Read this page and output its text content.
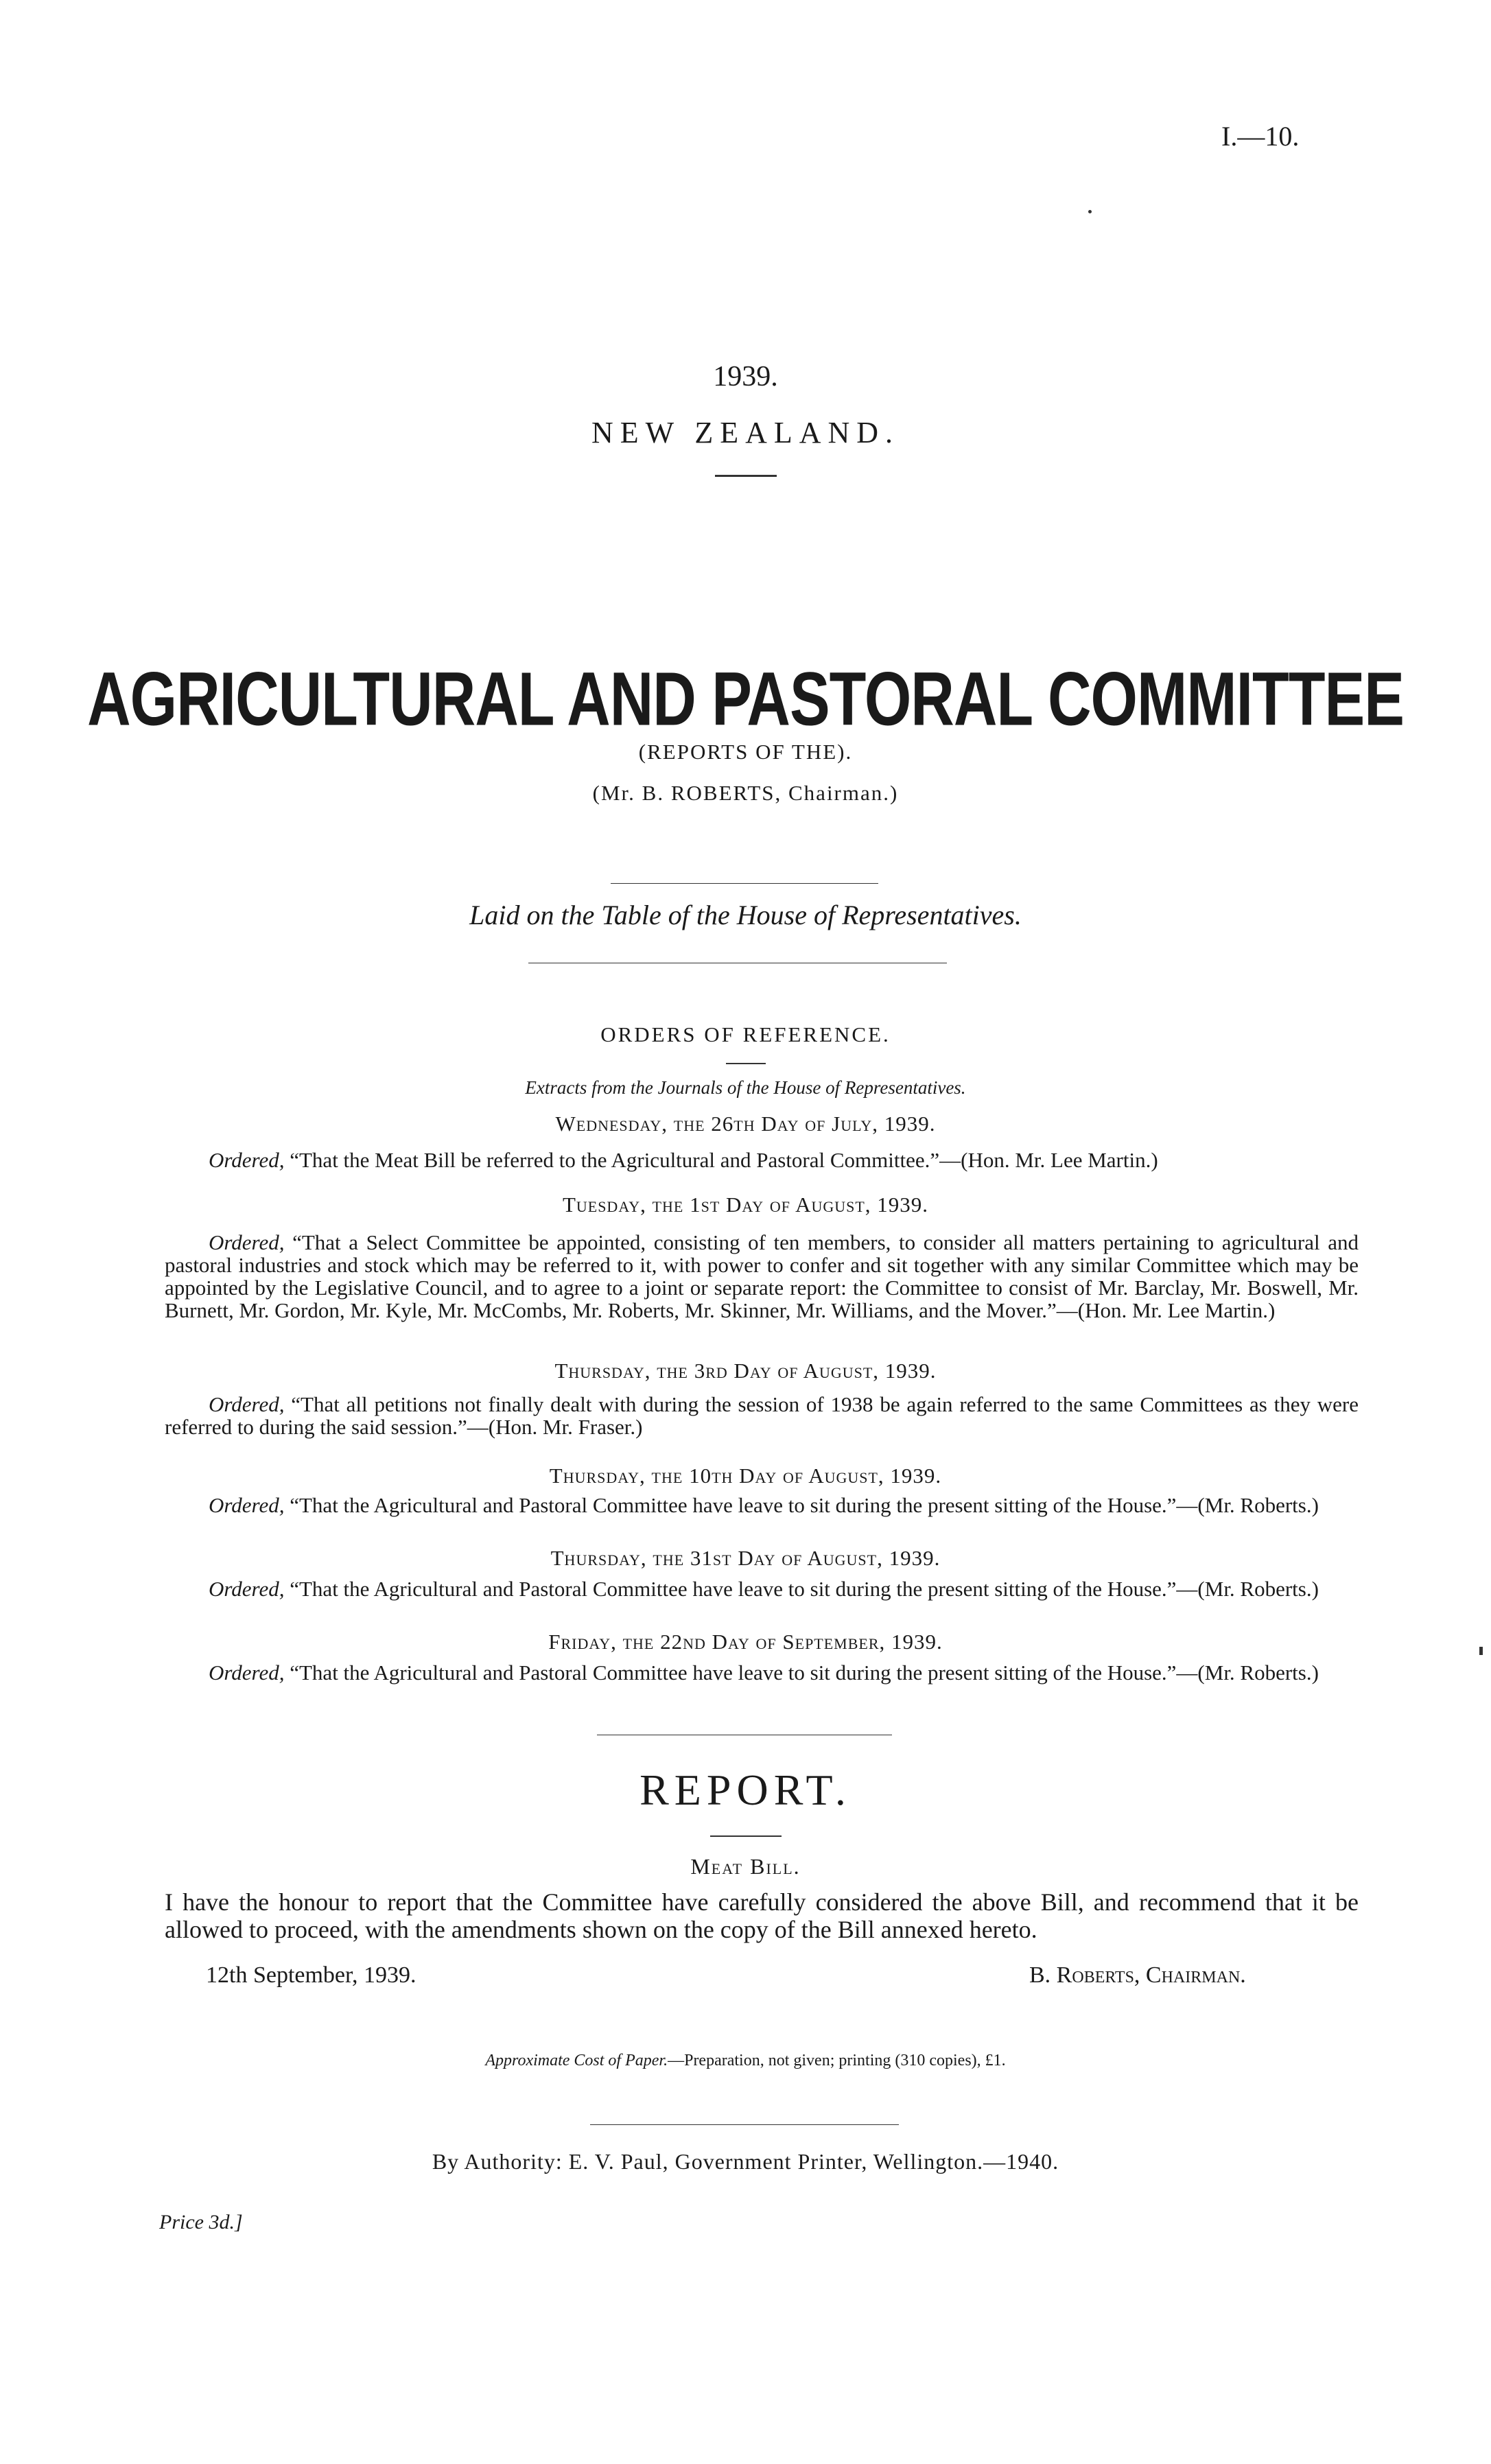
I.—10.
1939.
NEW ZEALAND.
AGRICULTURAL AND PASTORAL COMMITTEE
(REPORTS OF THE).
(Mr. B. ROBERTS, Chairman.)
Laid on the Table of the House of Representatives.
ORDERS OF REFERENCE.
Extracts from the Journals of the House of Representatives.
Wednesday, the 26th Day of July, 1939.
Ordered, “That the Meat Bill be referred to the Agricultural and Pastoral Committee.”—(Hon. Mr. Lee Martin.)
Tuesday, the 1st Day of August, 1939.
Ordered, “That a Select Committee be appointed, consisting of ten members, to consider all matters pertaining to agricultural and pastoral industries and stock which may be referred to it, with power to confer and sit together with any similar Committee which may be appointed by the Legislative Council, and to agree to a joint or separate report: the Committee to consist of Mr. Barclay, Mr. Boswell, Mr. Burnett, Mr. Gordon, Mr. Kyle, Mr. McCombs, Mr. Roberts, Mr. Skinner, Mr. Williams, and the Mover.”—(Hon. Mr. Lee Martin.)
Thursday, the 3rd Day of August, 1939.
Ordered, “That all petitions not finally dealt with during the session of 1938 be again referred to the same Committees as they were referred to during the said session.”—(Hon. Mr. Fraser.)
Thursday, the 10th Day of August, 1939.
Ordered, “That the Agricultural and Pastoral Committee have leave to sit during the present sitting of the House.”—(Mr. Roberts.)
Thursday, the 31st Day of August, 1939.
Ordered, “That the Agricultural and Pastoral Committee have leave to sit during the present sitting of the House.”—(Mr. Roberts.)
Friday, the 22nd Day of September, 1939.
Ordered, “That the Agricultural and Pastoral Committee have leave to sit during the present sitting of the House.”—(Mr. Roberts.)
REPORT.
Meat Bill.
I have the honour to report that the Committee have carefully considered the above Bill, and recommend that it be allowed to proceed, with the amendments shown on the copy of the Bill annexed hereto.
12th September, 1939.	B. Roberts, Chairman.
Approximate Cost of Paper.—Preparation, not given; printing (310 copies), £1.
By Authority: E. V. Paul, Government Printer, Wellington.—1940.
Price 3d.]
